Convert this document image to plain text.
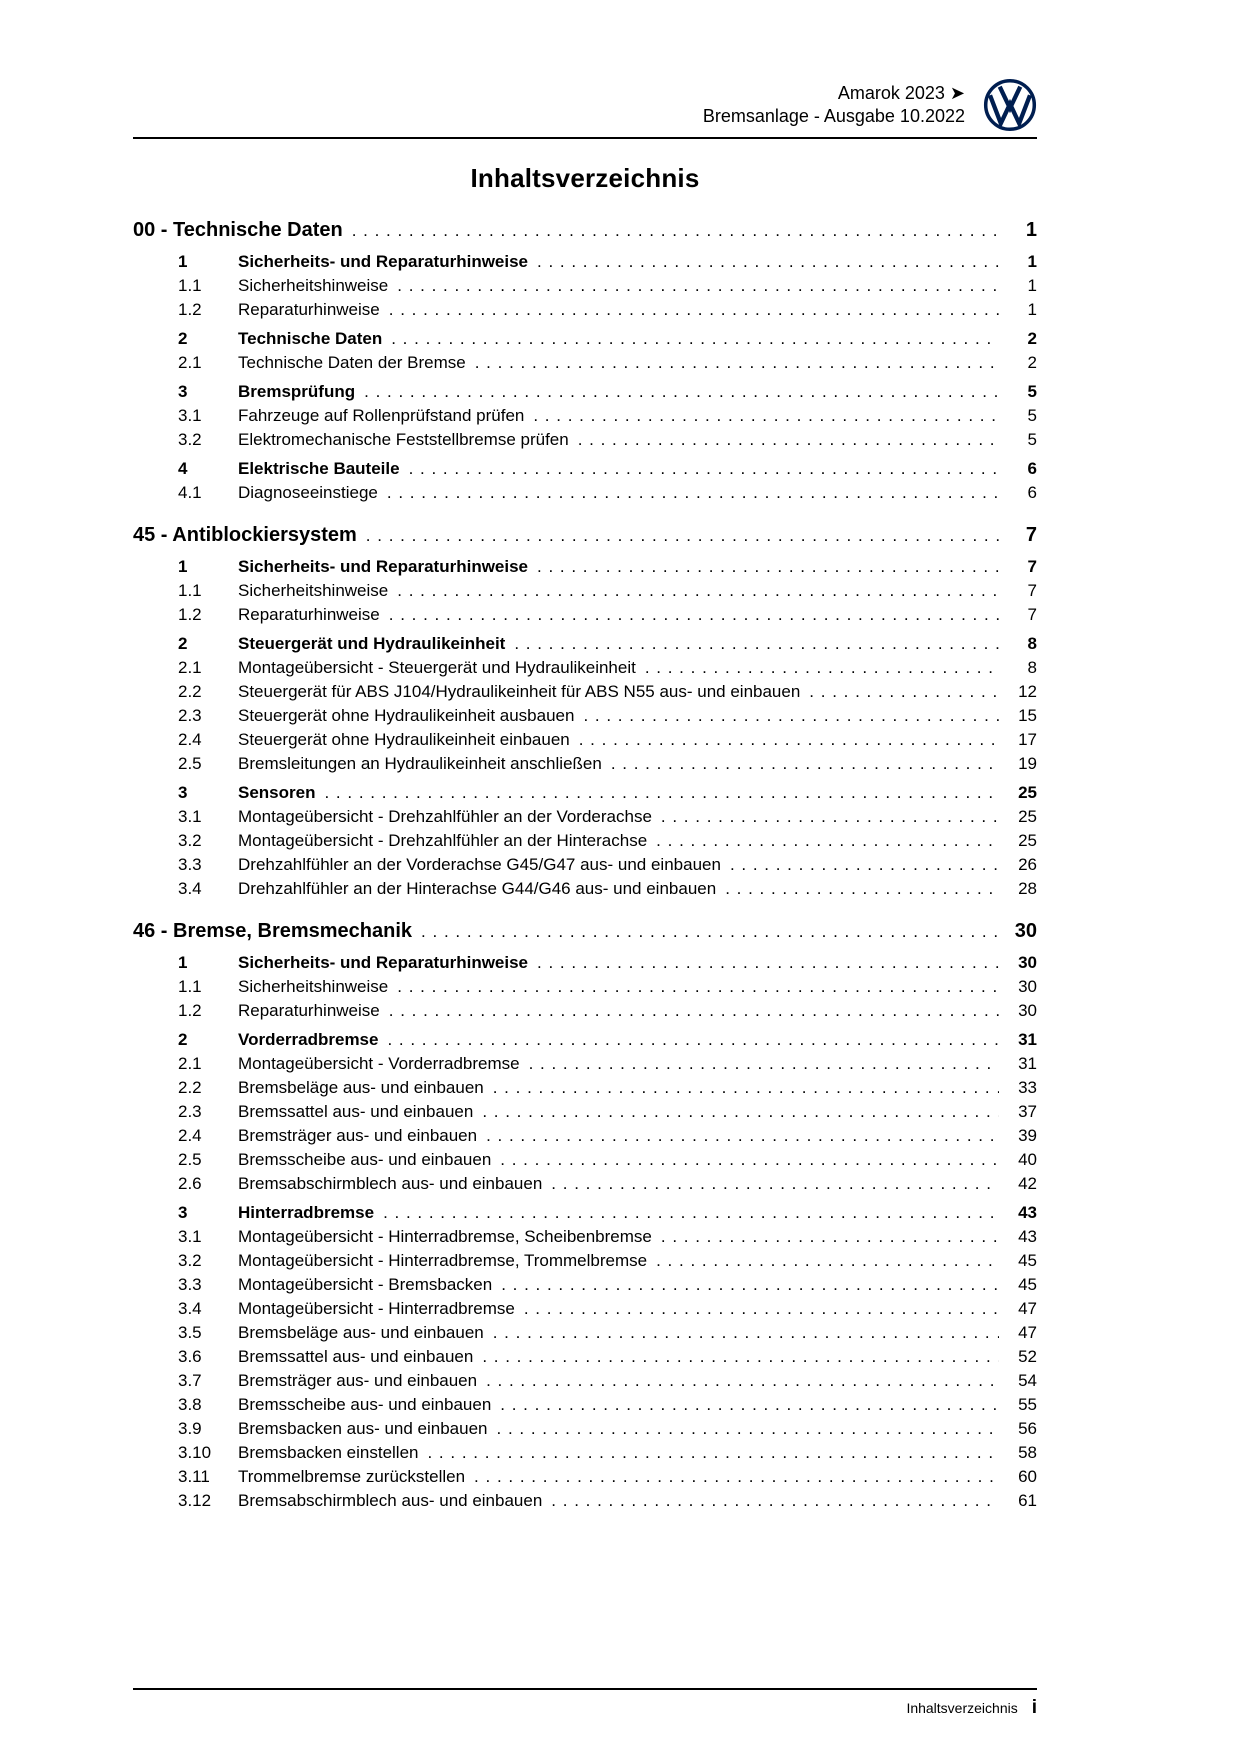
Amarok 2023 ➤
Bremsanlage - Ausgabe 10.2022
Inhaltsverzeichnis
00 - Technische Daten . . .	1
1	Sicherheits- und Reparaturhinweise . . .	1
1.1	Sicherheitshinweise . . .	1
1.2	Reparaturhinweise . . .	1
2	Technische Daten . . .	2
2.1	Technische Daten der Bremse . . .	2
3	Bremsprüfung . . .	5
3.1	Fahrzeuge auf Rollenprüfstand prüfen . . .	5
3.2	Elektromechanische Feststellbremse prüfen . . .	5
4	Elektrische Bauteile . . .	6
4.1	Diagnoseeinstiege . . .	6
45 - Antiblockiersystem . . .	7
1	Sicherheits- und Reparaturhinweise . . .	7
1.1	Sicherheitshinweise . . .	7
1.2	Reparaturhinweise . . .	7
2	Steuergerät und Hydraulikeinheit . . .	8
2.1	Montageübersicht - Steuergerät und Hydraulikeinheit . . .	8
2.2	Steuergerät für ABS J104/Hydraulikeinheit für ABS N55 aus- und einbauen . . .	12
2.3	Steuergerät ohne Hydraulikeinheit ausbauen . . .	15
2.4	Steuergerät ohne Hydraulikeinheit einbauen . . .	17
2.5	Bremsleitungen an Hydraulikeinheit anschließen . . .	19
3	Sensoren . . .	25
3.1	Montageübersicht - Drehzahlfühler an der Vorderachse . . .	25
3.2	Montageübersicht - Drehzahlfühler an der Hinterachse . . .	25
3.3	Drehzahlfühler an der Vorderachse G45/G47 aus- und einbauen . . .	26
3.4	Drehzahlfühler an der Hinterachse G44/G46 aus- und einbauen . . .	28
46 - Bremse, Bremsmechanik . . .	30
1	Sicherheits- und Reparaturhinweise . . .	30
1.1	Sicherheitshinweise . . .	30
1.2	Reparaturhinweise . . .	30
2	Vorderradbremse . . .	31
2.1	Montageübersicht - Vorderradbremse . . .	31
2.2	Bremsbeläge aus- und einbauen . . .	33
2.3	Bremssattel aus- und einbauen . . .	37
2.4	Bremsträger aus- und einbauen . . .	39
2.5	Bremsscheibe aus- und einbauen . . .	40
2.6	Bremsabschirmblech aus- und einbauen . . .	42
3	Hinterradbremse . . .	43
3.1	Montageübersicht - Hinterradbremse, Scheibenbremse . . .	43
3.2	Montageübersicht - Hinterradbremse, Trommelbremse . . .	45
3.3	Montageübersicht - Bremsbacken . . .	45
3.4	Montageübersicht - Hinterradbremse . . .	47
3.5	Bremsbeläge aus- und einbauen . . .	47
3.6	Bremssattel aus- und einbauen . . .	52
3.7	Bremsträger aus- und einbauen . . .	54
3.8	Bremsscheibe aus- und einbauen . . .	55
3.9	Bremsbacken aus- und einbauen . . .	56
3.10	Bremsbacken einstellen . . .	58
3.11	Trommelbremse zurückstellen . . .	60
3.12	Bremsabschirmblech aus- und einbauen . . .	61
Inhaltsverzeichnis i
